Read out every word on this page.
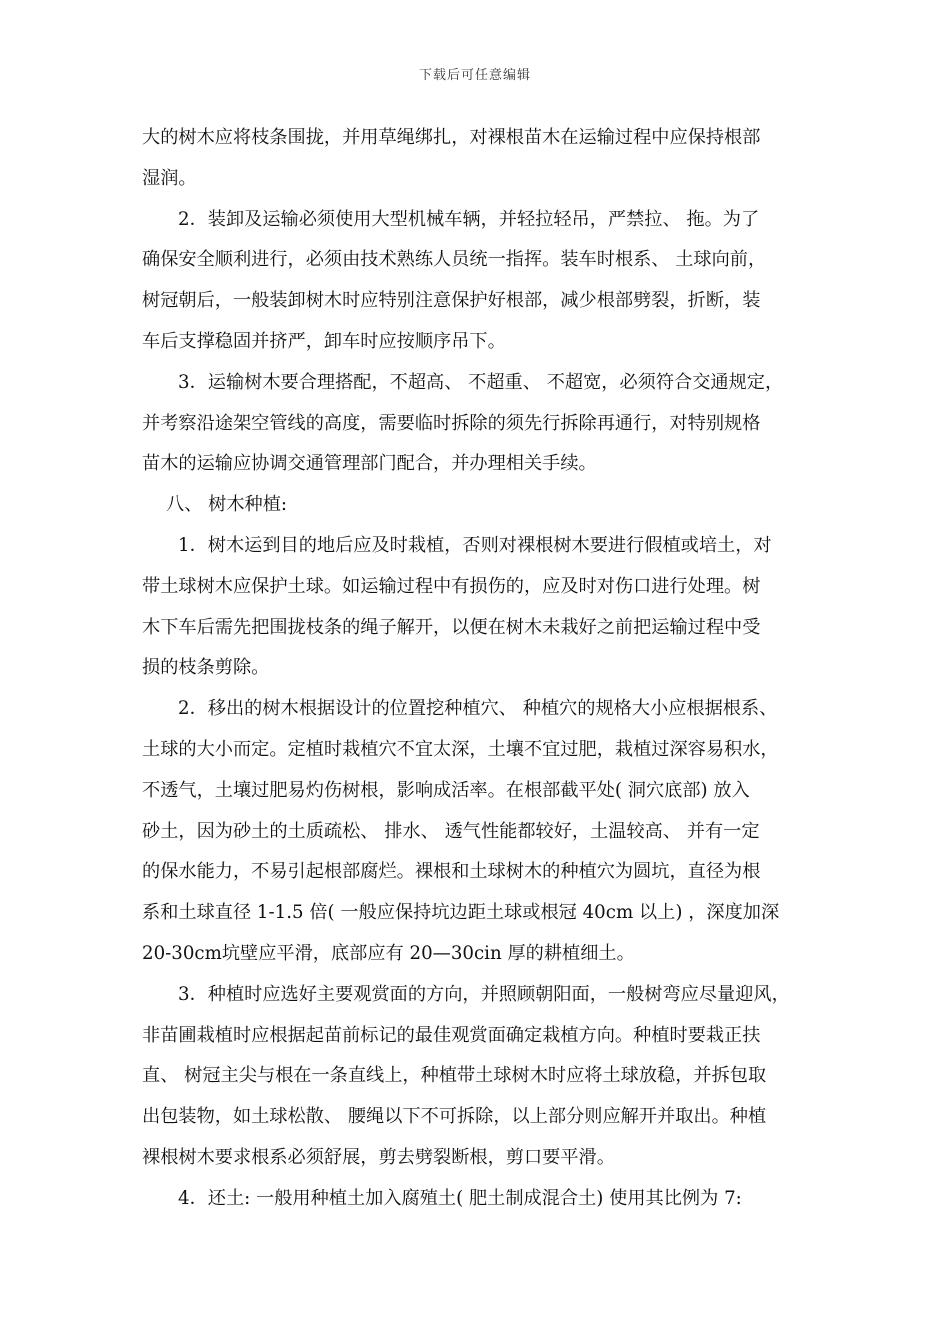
下载后可任意编辑
大的树木应将枝条围拢，并用草绳绑扎，对裸根苗木在运输过程中应保持根部
湿润。
2．装卸及运输必须使用大型机械车辆，并轻拉轻吊，严禁拉、 拖。为了
确保安全顺利进行，必须由技术熟练人员统一指挥。装车时根系、 土球向前，
树冠朝后，一般装卸树木时应特别注意保护好根部，减少根部劈裂，折断，装
车后支撑稳固并挤严，卸车时应按顺序吊下。
3．运输树木要合理搭配，不超高、 不超重、 不超宽，必须符合交通规定，
并考察沿途架空管线的高度，需要临时拆除的须先行拆除再通行，对特别规格
苗木的运输应协调交通管理部门配合，并办理相关手续。
八、 树木种植:
1．树木运到目的地后应及时栽植，否则对裸根树木要进行假植或培土，对
带土球树木应保护土球。如运输过程中有损伤的，应及时对伤口进行处理。树
木下车后需先把围拢枝条的绳子解开，以便在树木未栽好之前把运输过程中受
损的枝条剪除。
2．移出的树木根据设计的位置挖种植穴、 种植穴的规格大小应根据根系、
土球的大小而定。定植时栽植穴不宜太深，土壤不宜过肥，栽植过深容易积水，
不透气，土壤过肥易灼伤树根，影响成活率。在根部截平处( 洞穴底部) 放入
砂土，因为砂土的土质疏松、 排水、 透气性能都较好，土温较高、 并有一定
的保水能力，不易引起根部腐烂。裸根和土球树木的种植穴为圆坑，直径为根
系和土球直径 1-1.5 倍( 一般应保持坑边距土球或根冠 40cm 以上) ，深度加深
20-30cm坑壁应平滑，底部应有 20—30cin 厚的耕植细土。
3．种植时应选好主要观赏面的方向，并照顾朝阳面，一般树弯应尽量迎风，
非苗圃栽植时应根据起苗前标记的最佳观赏面确定栽植方向。种植时要栽正扶
直、 树冠主尖与根在一条直线上，种植带土球树木时应将土球放稳，并拆包取
出包装物，如土球松散、 腰绳以下不可拆除，以上部分则应解开并取出。种植
裸根树木要求根系必须舒展，剪去劈裂断根，剪口要平滑。
4．还土: 一般用种植土加入腐殖土( 肥土制成混合土) 使用其比例为 7:
